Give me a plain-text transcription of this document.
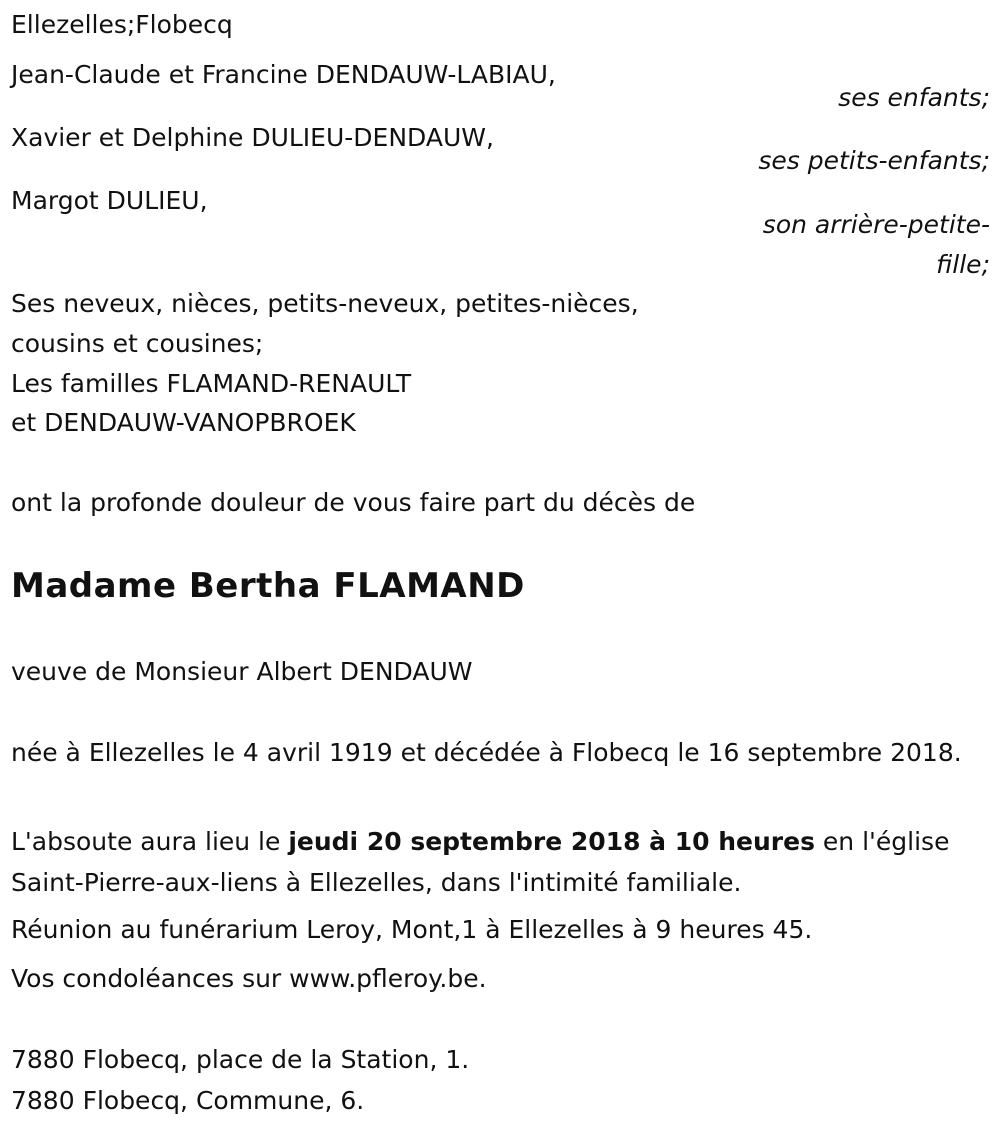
Ellezelles;Flobecq
Jean-Claude et Francine DENDAUW-LABIAU,
ses enfants;
Xavier et Delphine DULIEU-DENDAUW,
ses petits-enfants;
Margot DULIEU,
son arrière-petite-fille;
Ses neveux, nièces, petits-neveux, petites-nièces,
cousins et cousines;
Les familles FLAMAND-RENAULT
et DENDAUW-VANOPBROEK
ont la profonde douleur de vous faire part du décès de
Madame Bertha FLAMAND
veuve de Monsieur Albert DENDAUW
née à Ellezelles le 4 avril 1919 et décédée à Flobecq le 16 septembre 2018.
L'absoute aura lieu le jeudi 20 septembre 2018 à 10 heures en l'église Saint-Pierre-aux-liens à Ellezelles, dans l'intimité familiale.
Réunion au funérarium Leroy, Mont,1 à Ellezelles à 9 heures 45.
Vos condoléances sur www.pfleroy.be.
7880 Flobecq, place de la Station, 1.
7880 Flobecq, Commune, 6.
